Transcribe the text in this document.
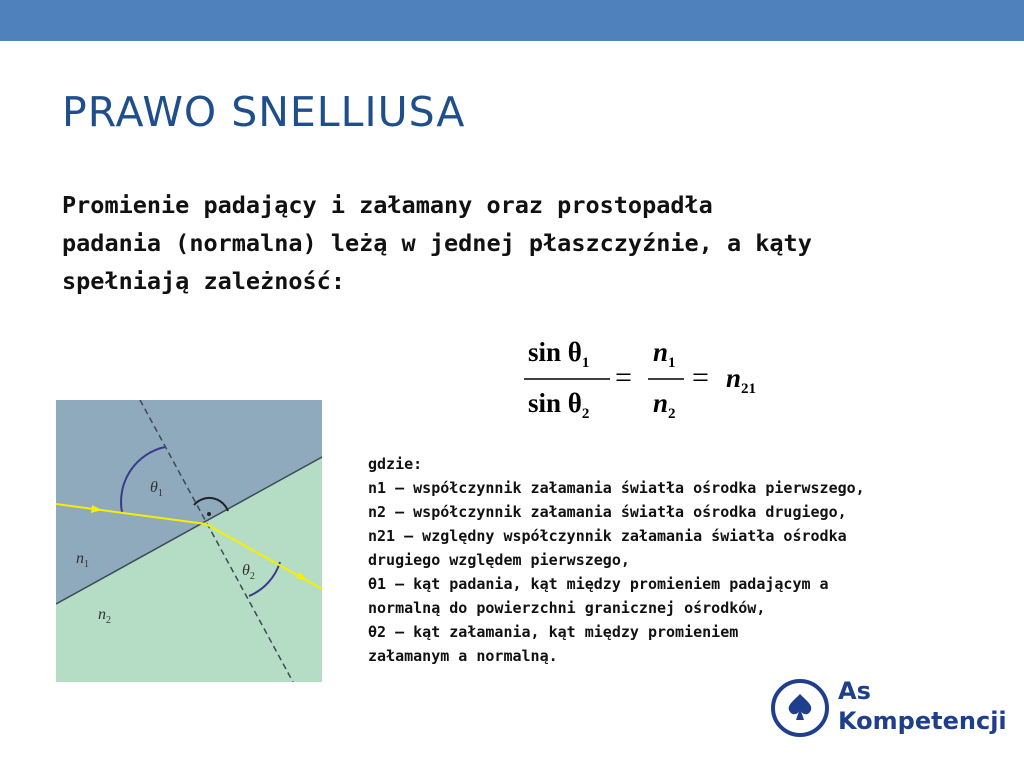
PRAWO SNELLIUSA
Promienie padający i załamany oraz prostopadła
padania (normalna) leżą w jednej płaszczyźnie, a kąty
spełniają zależność:
$\sin \theta_1$
$\sin \theta_2$
=
$n_1$
$n_2$
= $n_{21}$
$\theta_1$
$\theta_2$
$n_1$
$n_2$
gdzie:
n1 – współczynnik załamania światła ośrodka pierwszego,
n2 – współczynnik załamania światła ośrodka drugiego,
n21 – względny współczynnik załamania światła ośrodka
drugiego względem pierwszego,
θ1 – kąt padania, kąt między promieniem padającym a
normalną do powierzchni granicznej ośrodków,
θ2 – kąt załamania, kąt między promieniem
załamanym a normalną.
As
Kompetencji
